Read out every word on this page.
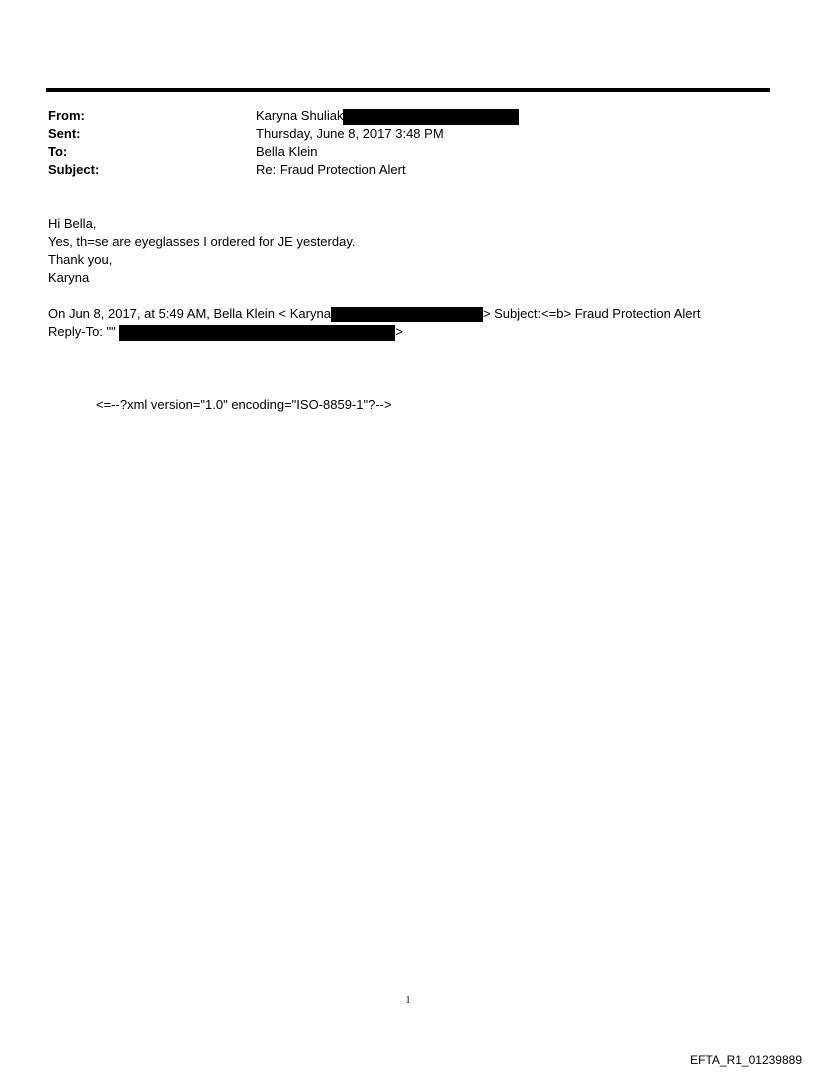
From:	Karyna Shuliak
Sent:	Thursday, June 8, 2017 3:48 PM
To:	Bella Klein
Subject:	Re: Fraud Protection Alert
Hi Bella,
Yes, th=se are eyeglasses I ordered for JE yesterday.
Thank you,
Karyna
On Jun 8, 2017, at 5:49 AM, Bella Klein < Karyna	> Subject:<=b> Fraud Protection Alert
Reply-To: ""	>
<=--?xml version="1.0" encoding="ISO-8859-1"?-->
1
EFTA_R1_01239889
